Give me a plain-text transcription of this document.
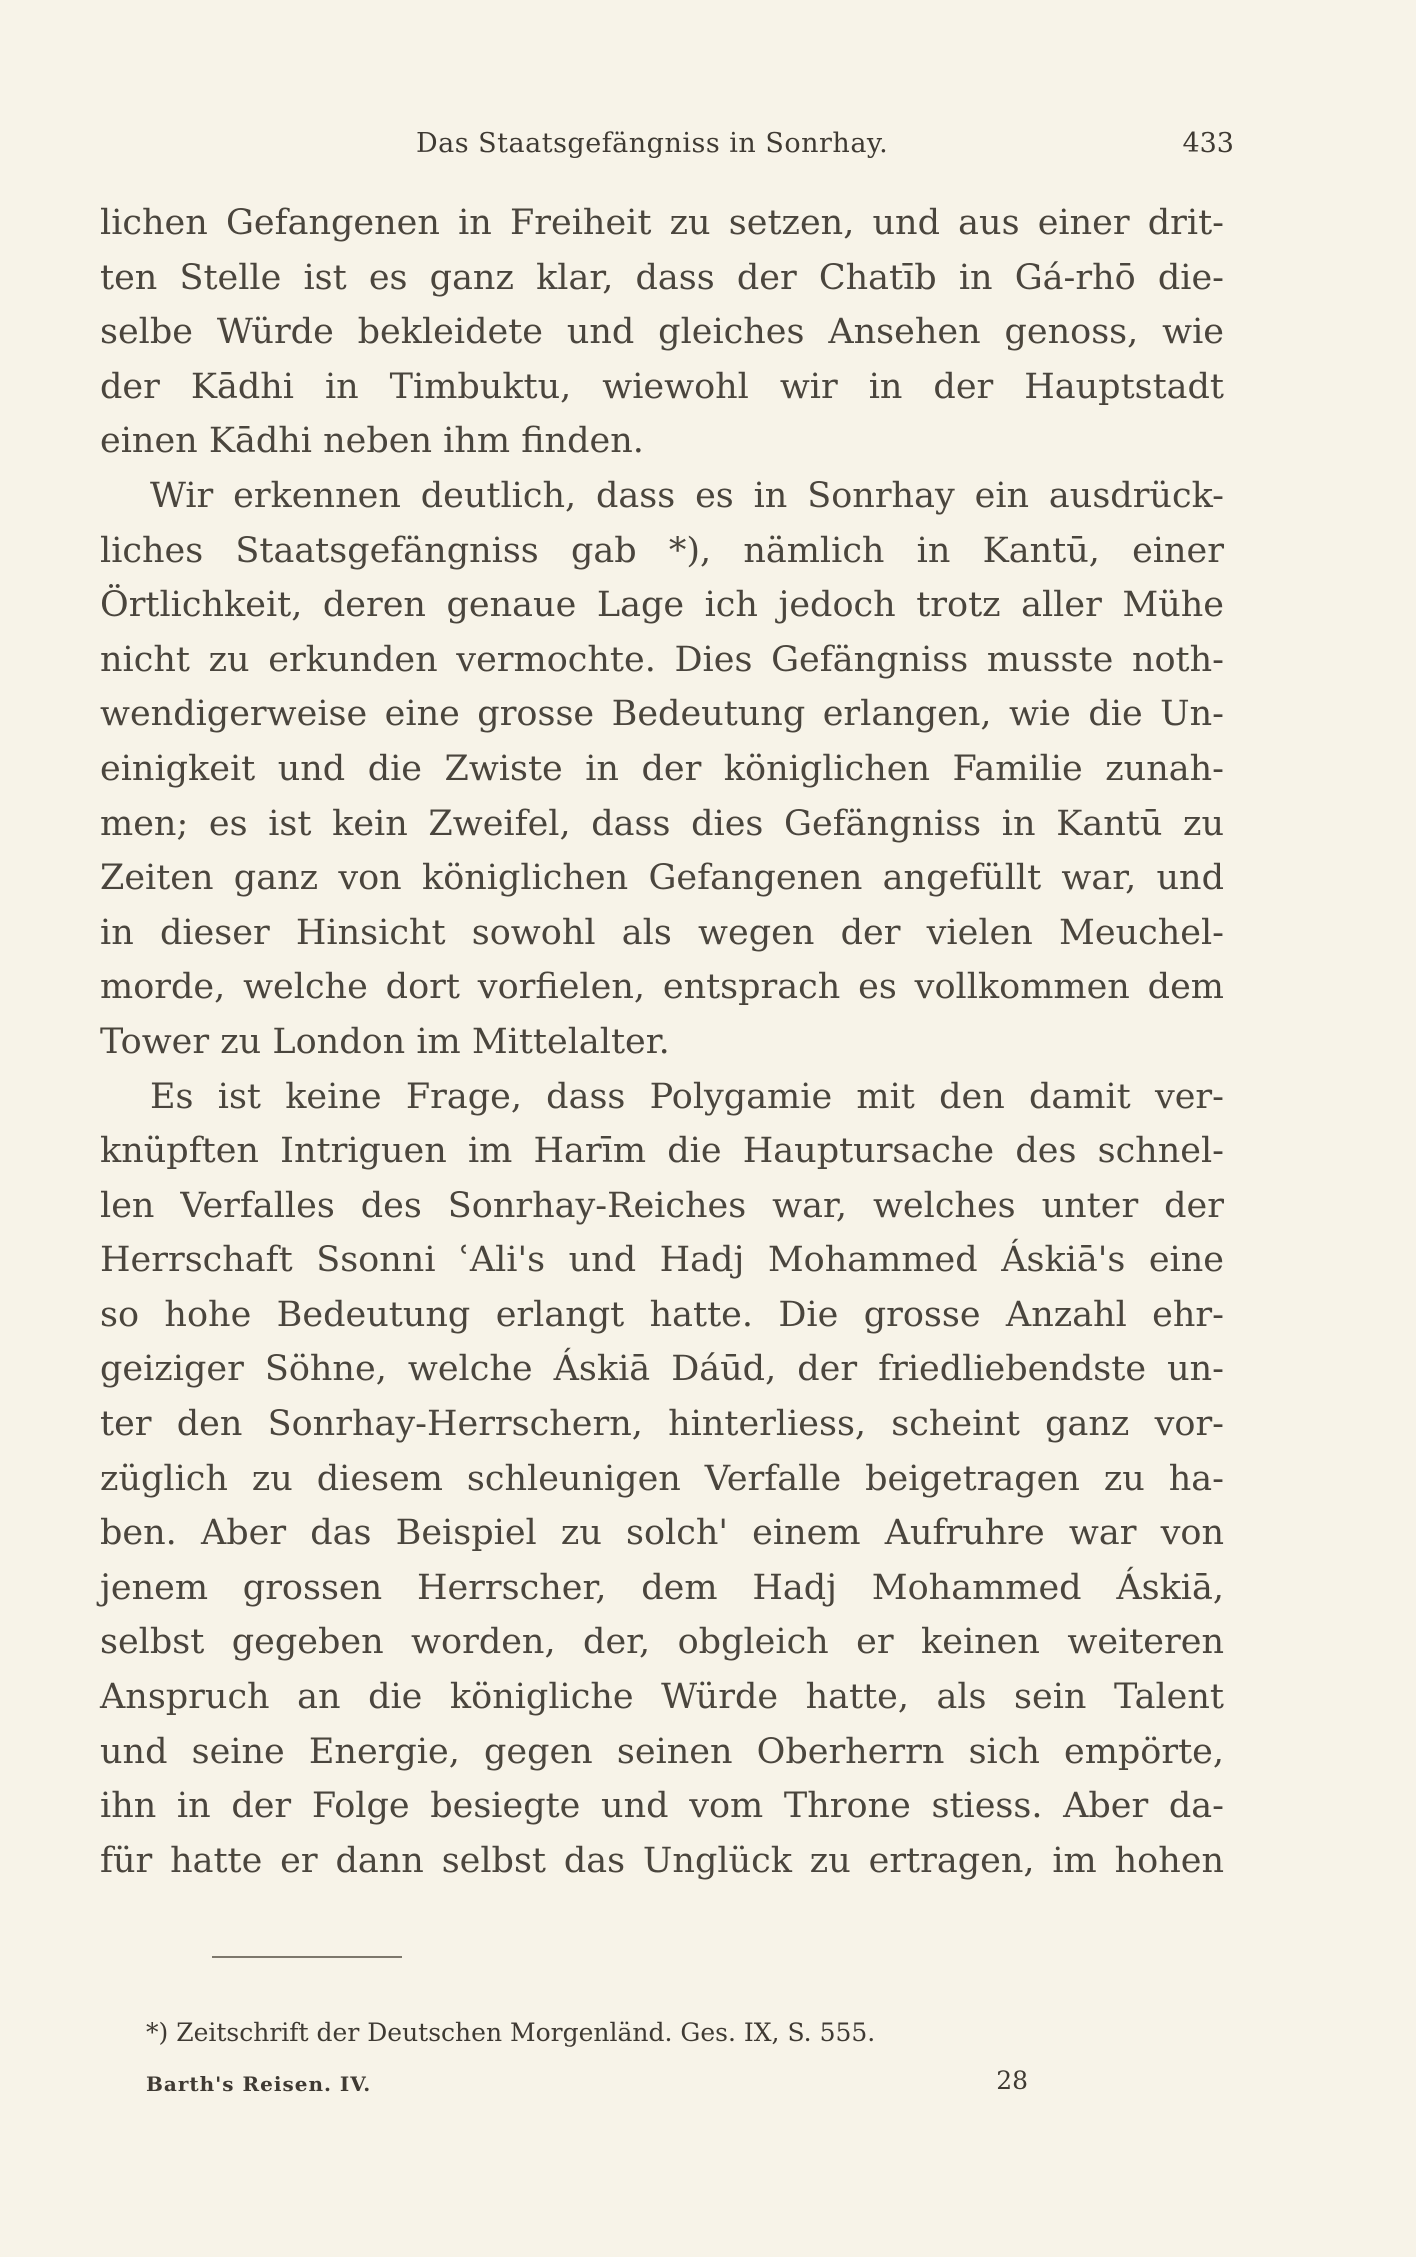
Das Staatsgefängniss in Sonrhay.	433
lichen Gefangenen in Freiheit zu setzen, und aus einer drit-
ten Stelle ist es ganz klar, dass der Chatīb in Gá-rhō die-
selbe Würde bekleidete und gleiches Ansehen genoss, wie
der Kādhi in Timbuktu, wiewohl wir in der Hauptstadt
einen Kādhi neben ihm finden.
Wir erkennen deutlich, dass es in Sonrhay ein ausdrück-
liches Staatsgefängniss gab *), nämlich in Kantū, einer
Örtlichkeit, deren genaue Lage ich jedoch trotz aller Mühe
nicht zu erkunden vermochte. Dies Gefängniss musste noth-
wendigerweise eine grosse Bedeutung erlangen, wie die Un-
einigkeit und die Zwiste in der königlichen Familie zunah-
men; es ist kein Zweifel, dass dies Gefängniss in Kantū zu
Zeiten ganz von königlichen Gefangenen angefüllt war, und
in dieser Hinsicht sowohl als wegen der vielen Meuchel-
morde, welche dort vorfielen, entsprach es vollkommen dem
Tower zu London im Mittelalter.
Es ist keine Frage, dass Polygamie mit den damit ver-
knüpften Intriguen im Harīm die Hauptursache des schnel-
len Verfalles des Sonrhay-Reiches war, welches unter der
Herrschaft Ssonni ʿAli's und Hadj Mohammed Áskiā's eine
so hohe Bedeutung erlangt hatte. Die grosse Anzahl ehr-
geiziger Söhne, welche Áskiā Dáūd, der friedliebendste un-
ter den Sonrhay-Herrschern, hinterliess, scheint ganz vor-
züglich zu diesem schleunigen Verfalle beigetragen zu ha-
ben. Aber das Beispiel zu solch' einem Aufruhre war von
jenem grossen Herrscher, dem Hadj Mohammed Áskiā,
selbst gegeben worden, der, obgleich er keinen weiteren
Anspruch an die königliche Würde hatte, als sein Talent
und seine Energie, gegen seinen Oberherrn sich empörte,
ihn in der Folge besiegte und vom Throne stiess. Aber da-
für hatte er dann selbst das Unglück zu ertragen, im hohen
*) Zeitschrift der Deutschen Morgenländ. Ges. IX, S. 555.
Barth's Reisen. IV.	28
